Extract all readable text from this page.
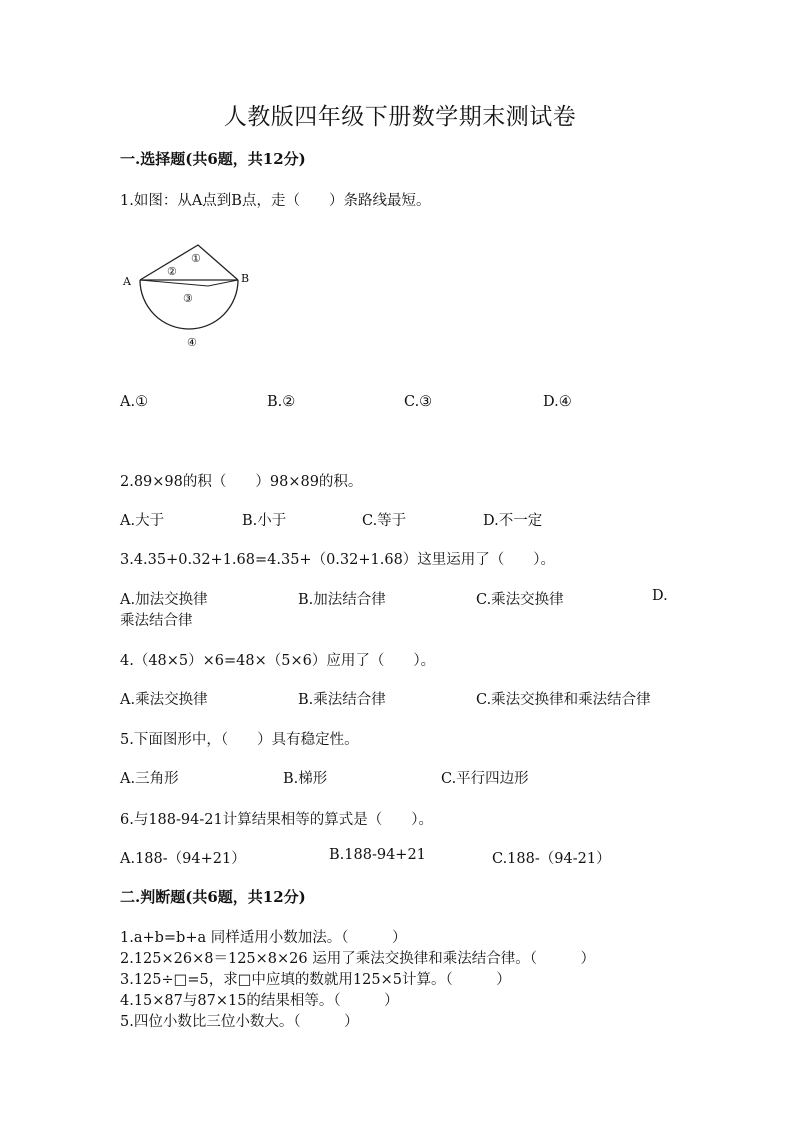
人教版四年级下册数学期末测试卷
一.选择题(共6题，共12分)
1.如图：从A点到B点，走（　　）条路线最短。
A	B
①
②
③
④
A.①	B.②	C.③	D.④
2.89×98的积（　　）98×89的积。
A.大于	B.小于	C.等于	D.不一定
3.4.35+0.32+1.68=4.35+（0.32+1.68）这里运用了（　　）。
A.加法交换律	B.加法结合律	C.乘法交换律	D.
乘法结合律
4.（48×5）×6=48×（5×6）应用了（　　）。
A.乘法交换律	B.乘法结合律	C.乘法交换律和乘法结合律
5.下面图形中，（　　）具有稳定性。
A.三角形	B.梯形	C.平行四边形
6.与188-94-21计算结果相等的算式是（　　）。
A.188-（94+21）	B.188-94+21	C.188-（94-21）
二.判断题(共6题，共12分)
1.a+b=b+a 同样适用小数加法。（　　　）
2.125×26×8＝125×8×26 运用了乘法交换律和乘法结合律。（　　　）
3.125÷□=5，求□中应填的数就用125×5计算。（　　　）
4.15×87与87×15的结果相等。（　　　）
5.四位小数比三位小数大。（　　　）
